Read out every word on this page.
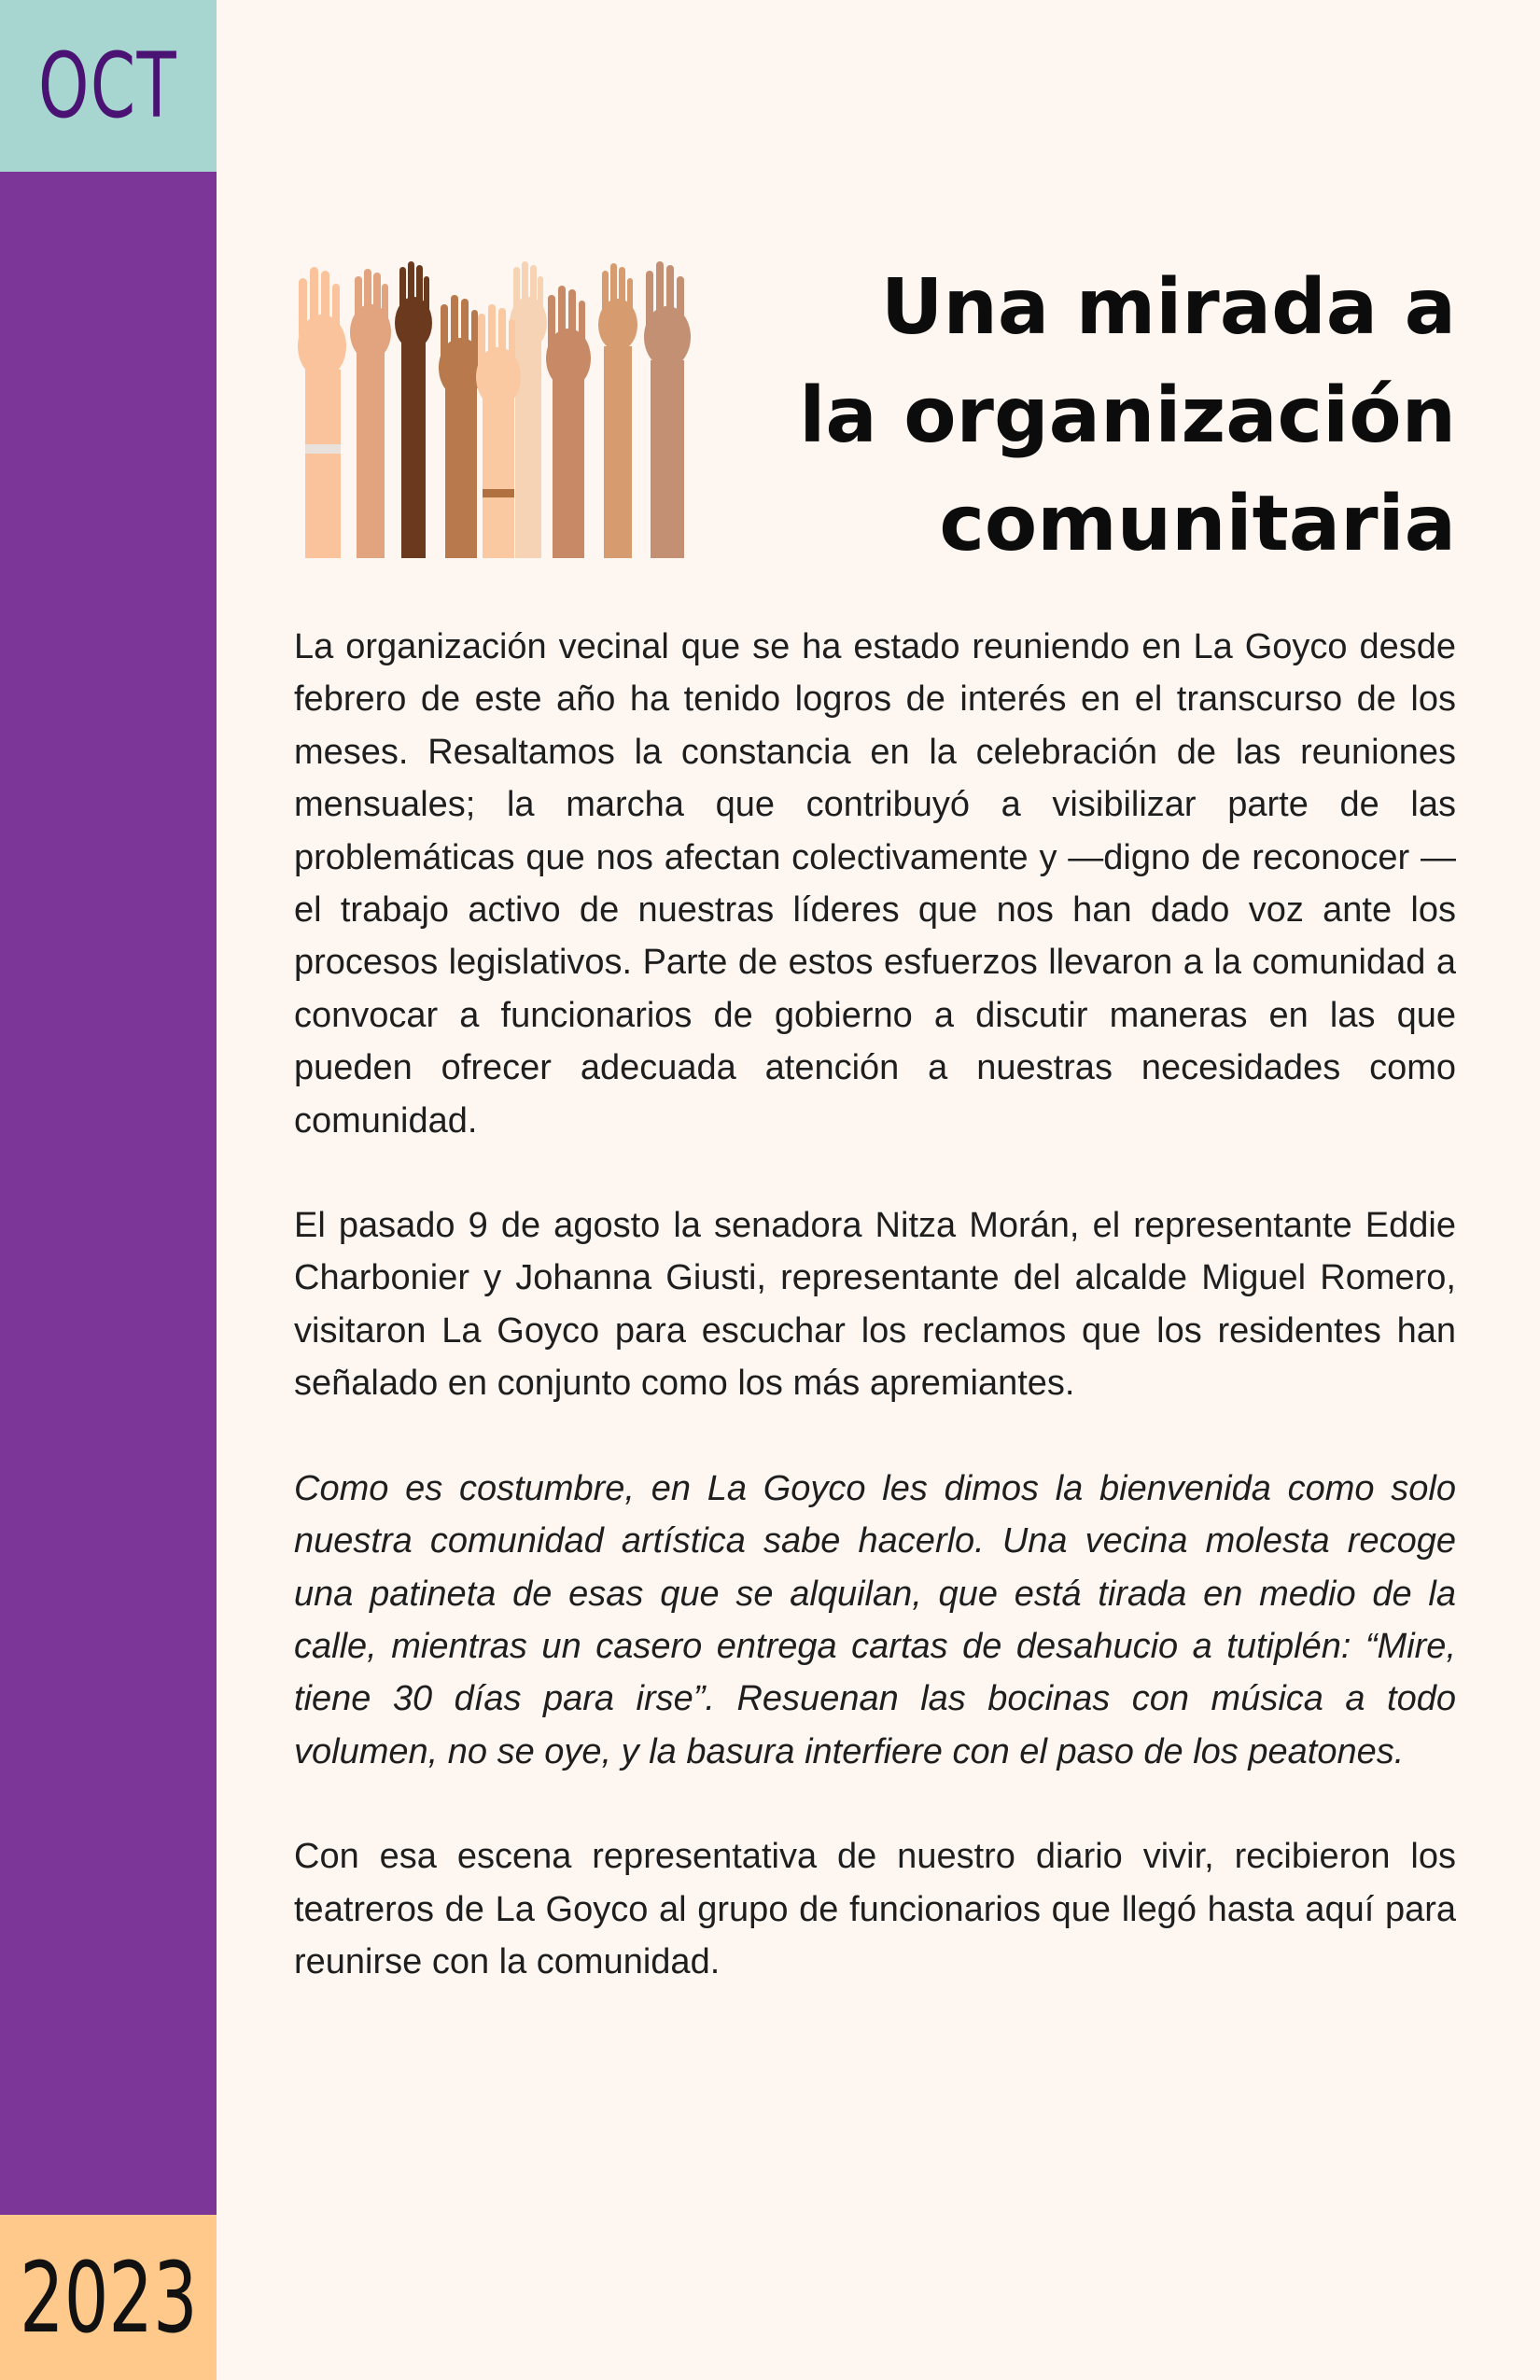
OCT
2023
Una mirada a
la organización
comunitaria

La organización vecinal que se ha estado reuniendo en La Goyco desde febrero de este año ha tenido logros de interés en el transcurso de los meses. Resaltamos la constancia en la celebración de las reuniones mensuales; la marcha que contribuyó a visibilizar parte de las problemáticas que nos afectan colectivamente y —digno de reconocer — el trabajo activo de nuestras líderes que nos han dado voz ante los procesos legislativos. Parte de estos esfuerzos llevaron a la comunidad a convocar a funcionarios de gobierno a discutir maneras en las que pueden ofrecer adecuada atención a nuestras necesidades como comunidad.

El pasado 9 de agosto la senadora Nitza Morán, el representante Eddie Charbonier y Johanna Giusti, representante del alcalde Miguel Romero, visitaron La Goyco para escuchar los reclamos que los residentes han señalado en conjunto como los más apremiantes.

Como es costumbre, en La Goyco les dimos la bienvenida como solo nuestra comunidad artística sabe hacerlo. Una vecina molesta recoge una patineta de esas que se alquilan, que está tirada en medio de la calle, mientras un casero entrega cartas de desahucio a tutiplén: “Mire, tiene 30 días para irse”. Resuenan las bocinas con música a todo volumen, no se oye, y la basura interfiere con el paso de los peatones.

Con esa escena representativa de nuestro diario vivir, recibieron los teatreros de La Goyco al grupo de funcionarios que llegó hasta aquí para reunirse con la comunidad.
